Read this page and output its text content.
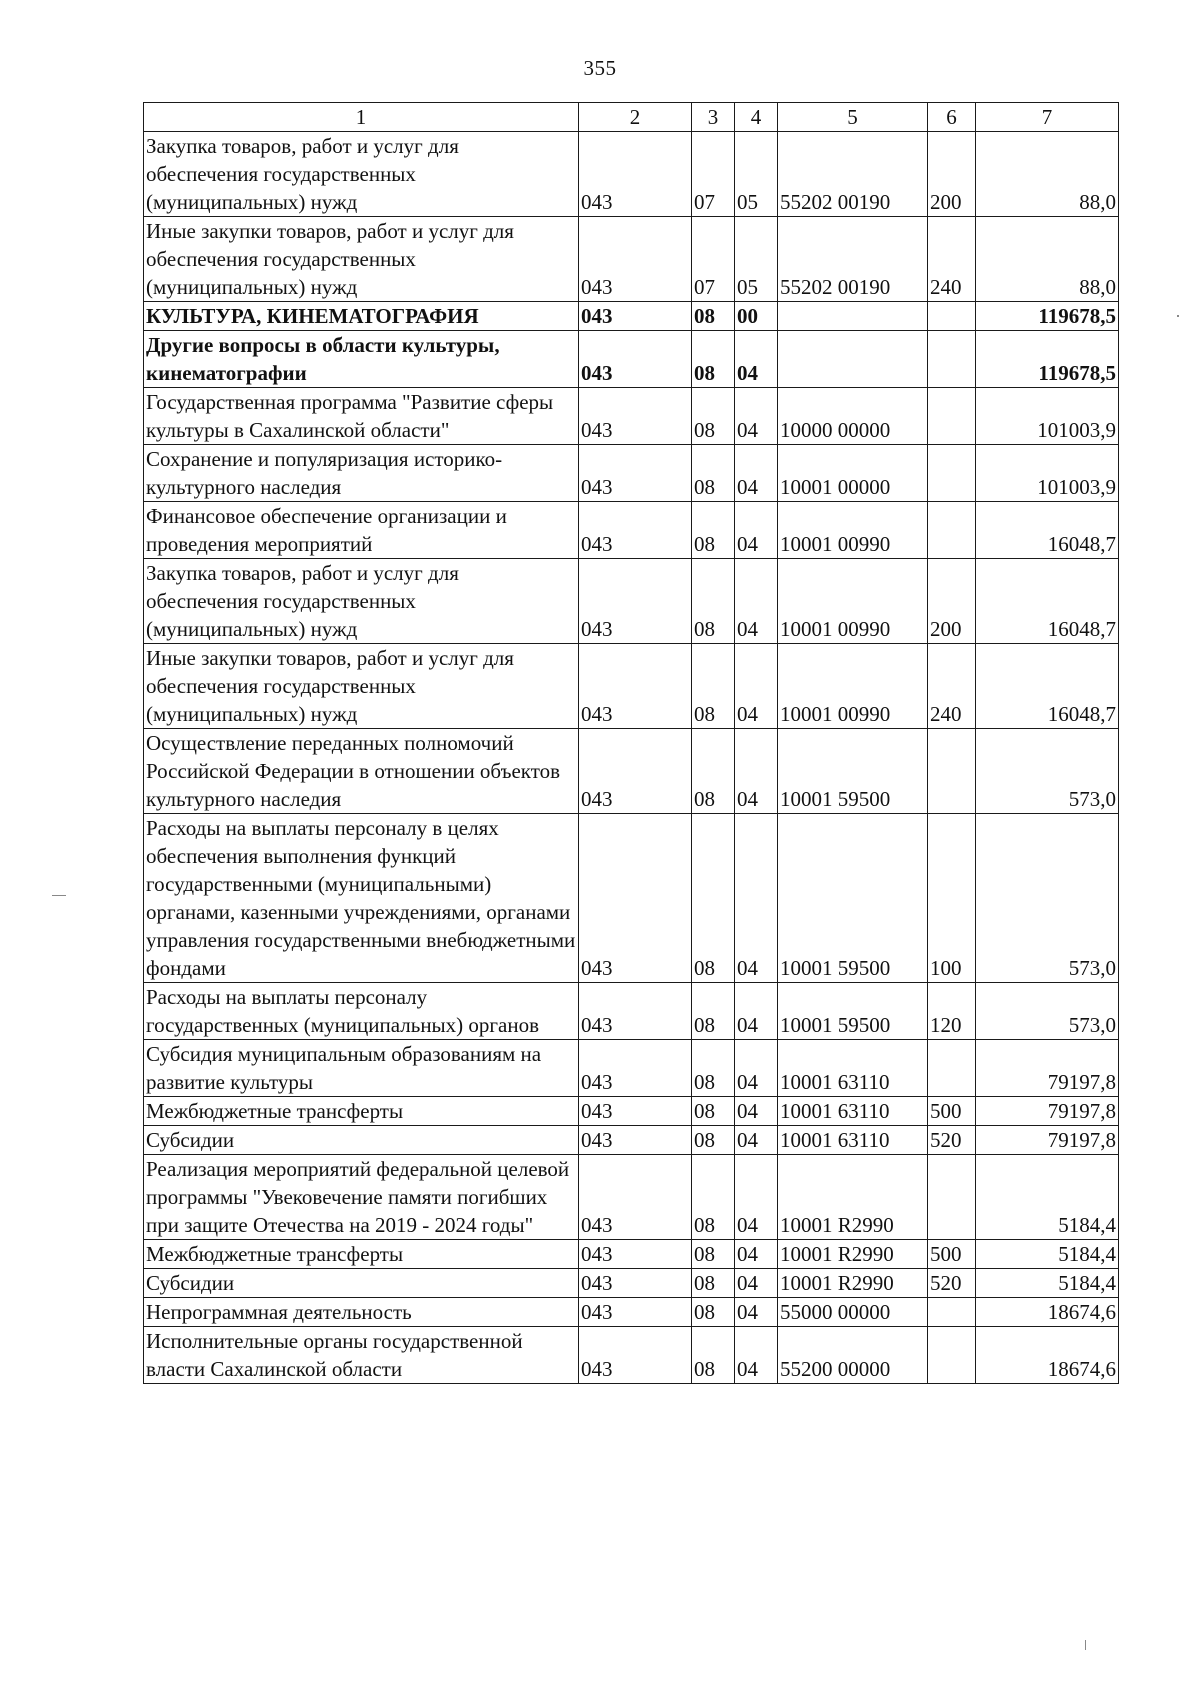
355
1	2	3	4	5	6	7
Закупка товаров, работ и услуг для обеспечения государственных (муниципальных) нужд	043	07	05	55202 00190	200	88,0
Иные закупки товаров, работ и услуг для обеспечения государственных (муниципальных) нужд	043	07	05	55202 00190	240	88,0
КУЛЬТУРА, КИНЕМАТОГРАФИЯ	043	08	00			119678,5
Другие вопросы в области культуры, кинематографии	043	08	04			119678,5
Государственная программа "Развитие сферы культуры в Сахалинской области"	043	08	04	10000 00000		101003,9
Сохранение и популяризация историко-культурного наследия	043	08	04	10001 00000		101003,9
Финансовое обеспечение организации и проведения мероприятий	043	08	04	10001 00990		16048,7
Закупка товаров, работ и услуг для обеспечения государственных (муниципальных) нужд	043	08	04	10001 00990	200	16048,7
Иные закупки товаров, работ и услуг для обеспечения государственных (муниципальных) нужд	043	08	04	10001 00990	240	16048,7
Осуществление переданных полномочий Российской Федерации в отношении объектов культурного наследия	043	08	04	10001 59500		573,0
Расходы на выплаты персоналу в целях обеспечения выполнения функций государственными (муниципальными) органами, казенными учреждениями, органами управления государственными внебюджетными фондами	043	08	04	10001 59500	100	573,0
Расходы на выплаты персоналу государственных (муниципальных) органов	043	08	04	10001 59500	120	573,0
Субсидия муниципальным образованиям на развитие культуры	043	08	04	10001 63110		79197,8
Межбюджетные трансферты	043	08	04	10001 63110	500	79197,8
Субсидии	043	08	04	10001 63110	520	79197,8
Реализация мероприятий федеральной целевой программы "Увековечение памяти погибших при защите Отечества на 2019 - 2024 годы"	043	08	04	10001 R2990		5184,4
Межбюджетные трансферты	043	08	04	10001 R2990	500	5184,4
Субсидии	043	08	04	10001 R2990	520	5184,4
Непрограммная деятельность	043	08	04	55000 00000		18674,6
Исполнительные органы государственной власти Сахалинской области	043	08	04	55200 00000		18674,6
